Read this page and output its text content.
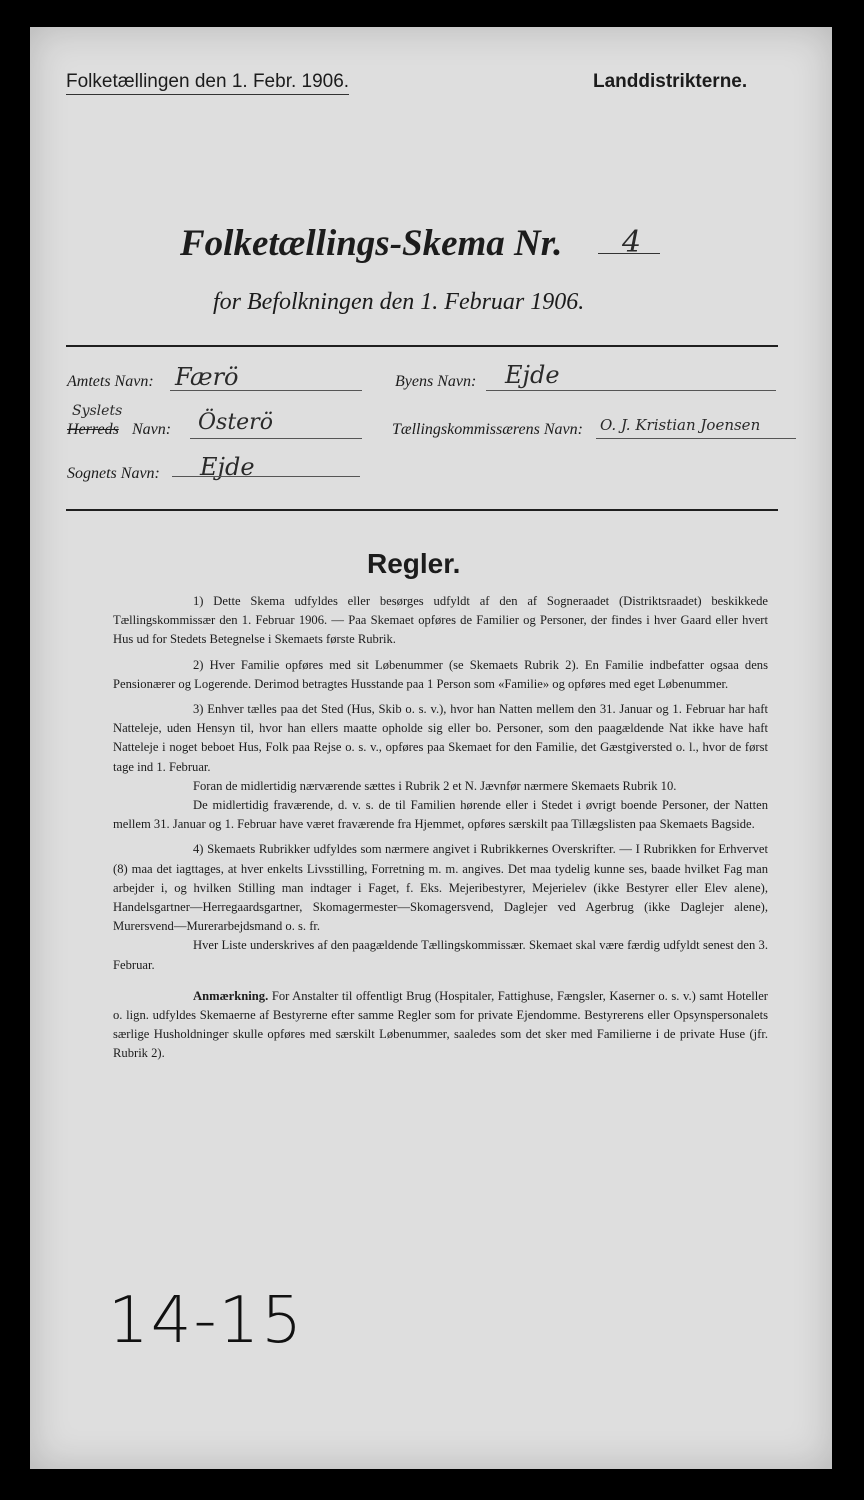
Folketællingen den 1. Febr. 1906.	Landdistrikterne.
Folketællings-Skema Nr. 4
for Befolkningen den 1. Februar 1906.
Amtets Navn: Færö	Byens Navn: Ejde
Syslets
Herreds Navn: Österö	Tællingskommissærens Navn: O. J. Kristian Joensen
Sognets Navn: Ejde
Regler.

1) Dette Skema udfyldes eller besørges udfyldt af den af Sogneraadet (Distriktsraadet) beskikkede Tællingskommissær den 1. Februar 1906. — Paa Skemaet opføres de Familier og Personer, der findes i hver Gaard eller hvert Hus ud for Stedets Betegnelse i Skemaets første Rubrik.

2) Hver Familie opføres med sit Løbenummer (se Skemaets Rubrik 2). En Familie indbefatter ogsaa dens Pensionærer og Logerende. Derimod betragtes Husstande paa 1 Person som «Familie» og opføres med eget Løbenummer.

3) Enhver tælles paa det Sted (Hus, Skib o. s. v.), hvor han Natten mellem den 31. Januar og 1. Februar har haft Natteleje, uden Hensyn til, hvor han ellers maatte opholde sig eller bo. Personer, som den paagældende Nat ikke have haft Natteleje i noget beboet Hus, Folk paa Rejse o. s. v., opføres paa Skemaet for den Familie, det Gæstgiversted o. l., hvor de først tage ind 1. Februar.

Foran de midlertidig nærværende sættes i Rubrik 2 et N. Jævnfør nærmere Skemaets Rubrik 10.

De midlertidig fraværende, d. v. s. de til Familien hørende eller i Stedet i øvrigt boende Personer, der Natten mellem 31. Januar og 1. Februar have været fraværende fra Hjemmet, opføres særskilt paa Tillægslisten paa Skemaets Bagside.

4) Skemaets Rubrikker udfyldes som nærmere angivet i Rubrikkernes Overskrifter. — I Rubrikken for Erhvervet (8) maa det iagttages, at hver enkelts Livsstilling, Forretning m. m. angives. Det maa tydelig kunne ses, baade hvilket Fag man arbejder i, og hvilken Stilling man indtager i Faget, f. Eks. Mejeribestyrer, Mejerielev (ikke Bestyrer eller Elev alene), Handelsgartner—Herregaardsgartner, Skomagermester—Skomagersvend, Daglejer ved Agerbrug (ikke Daglejer alene), Murersvend—Murerarbejdsmand o. s. fr.

Hver Liste underskrives af den paagældende Tællingskommissær. Skemaet skal være færdig udfyldt senest den 3. Februar.

Anmærkning. For Anstalter til offentligt Brug (Hospitaler, Fattighuse, Fængsler, Kaserner o. s. v.) samt Hoteller o. lign. udfyldes Skemaerne af Bestyrerne efter samme Regler som for private Ejendomme. Bestyrerens eller Opsynspersonalets særlige Husholdninger skulle opføres med særskilt Løbenummer, saaledes som det sker med Familierne i de private Huse (jfr. Rubrik 2).

14-15
